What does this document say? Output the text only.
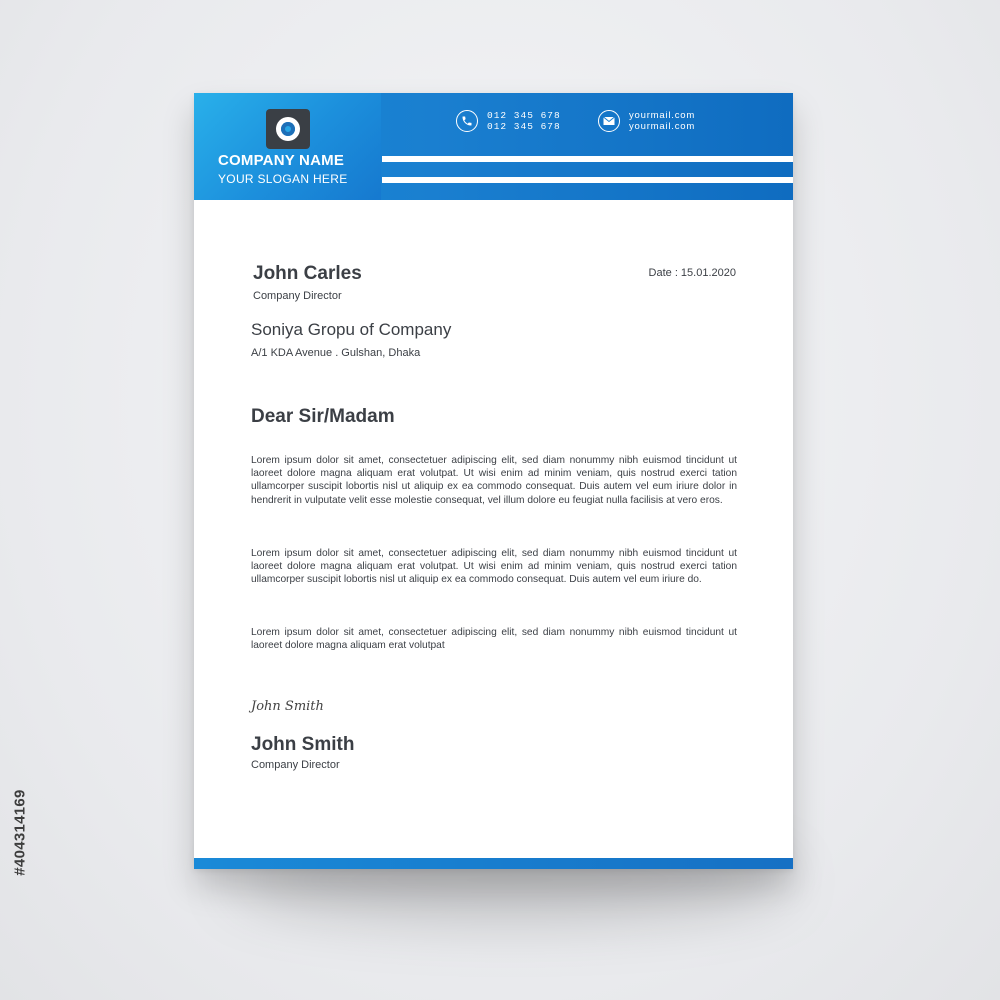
COMPANY NAME
YOUR SLOGAN HERE
012 345 678
012 345 678
yourmail.com
yourmail.com
John Carles
Company Director
Date : 15.01.2020
Soniya Gropu of Company
A/1 KDA Avenue . Gulshan, Dhaka
Dear Sir/Madam

Lorem ipsum dolor sit amet, consectetuer adipiscing elit, sed diam nonummy nibh euismod tincidunt ut laoreet dolore magna aliquam erat volutpat. Ut wisi enim ad minim veniam, quis nostrud exerci tation ullamcorper suscipit lobortis nisl ut aliquip ex ea commodo consequat. Duis autem vel eum iriure dolor in hendrerit in vulputate velit esse molestie consequat, vel illum dolore eu feugiat nulla facilisis at vero eros.

Lorem ipsum dolor sit amet, consectetuer adipiscing elit, sed diam nonummy nibh euismod tincidunt ut laoreet dolore magna aliquam erat volutpat. Ut wisi enim ad minim veniam, quis nostrud exerci tation ullamcorper suscipit lobortis nisl ut aliquip ex ea commodo consequat. Duis autem vel eum iriure do.

Lorem ipsum dolor sit amet, consectetuer adipiscing elit, sed diam nonummy nibh euismod tincidunt ut laoreet dolore magna aliquam erat volutpat

John Smith
John Smith
Company Director
#404314169
